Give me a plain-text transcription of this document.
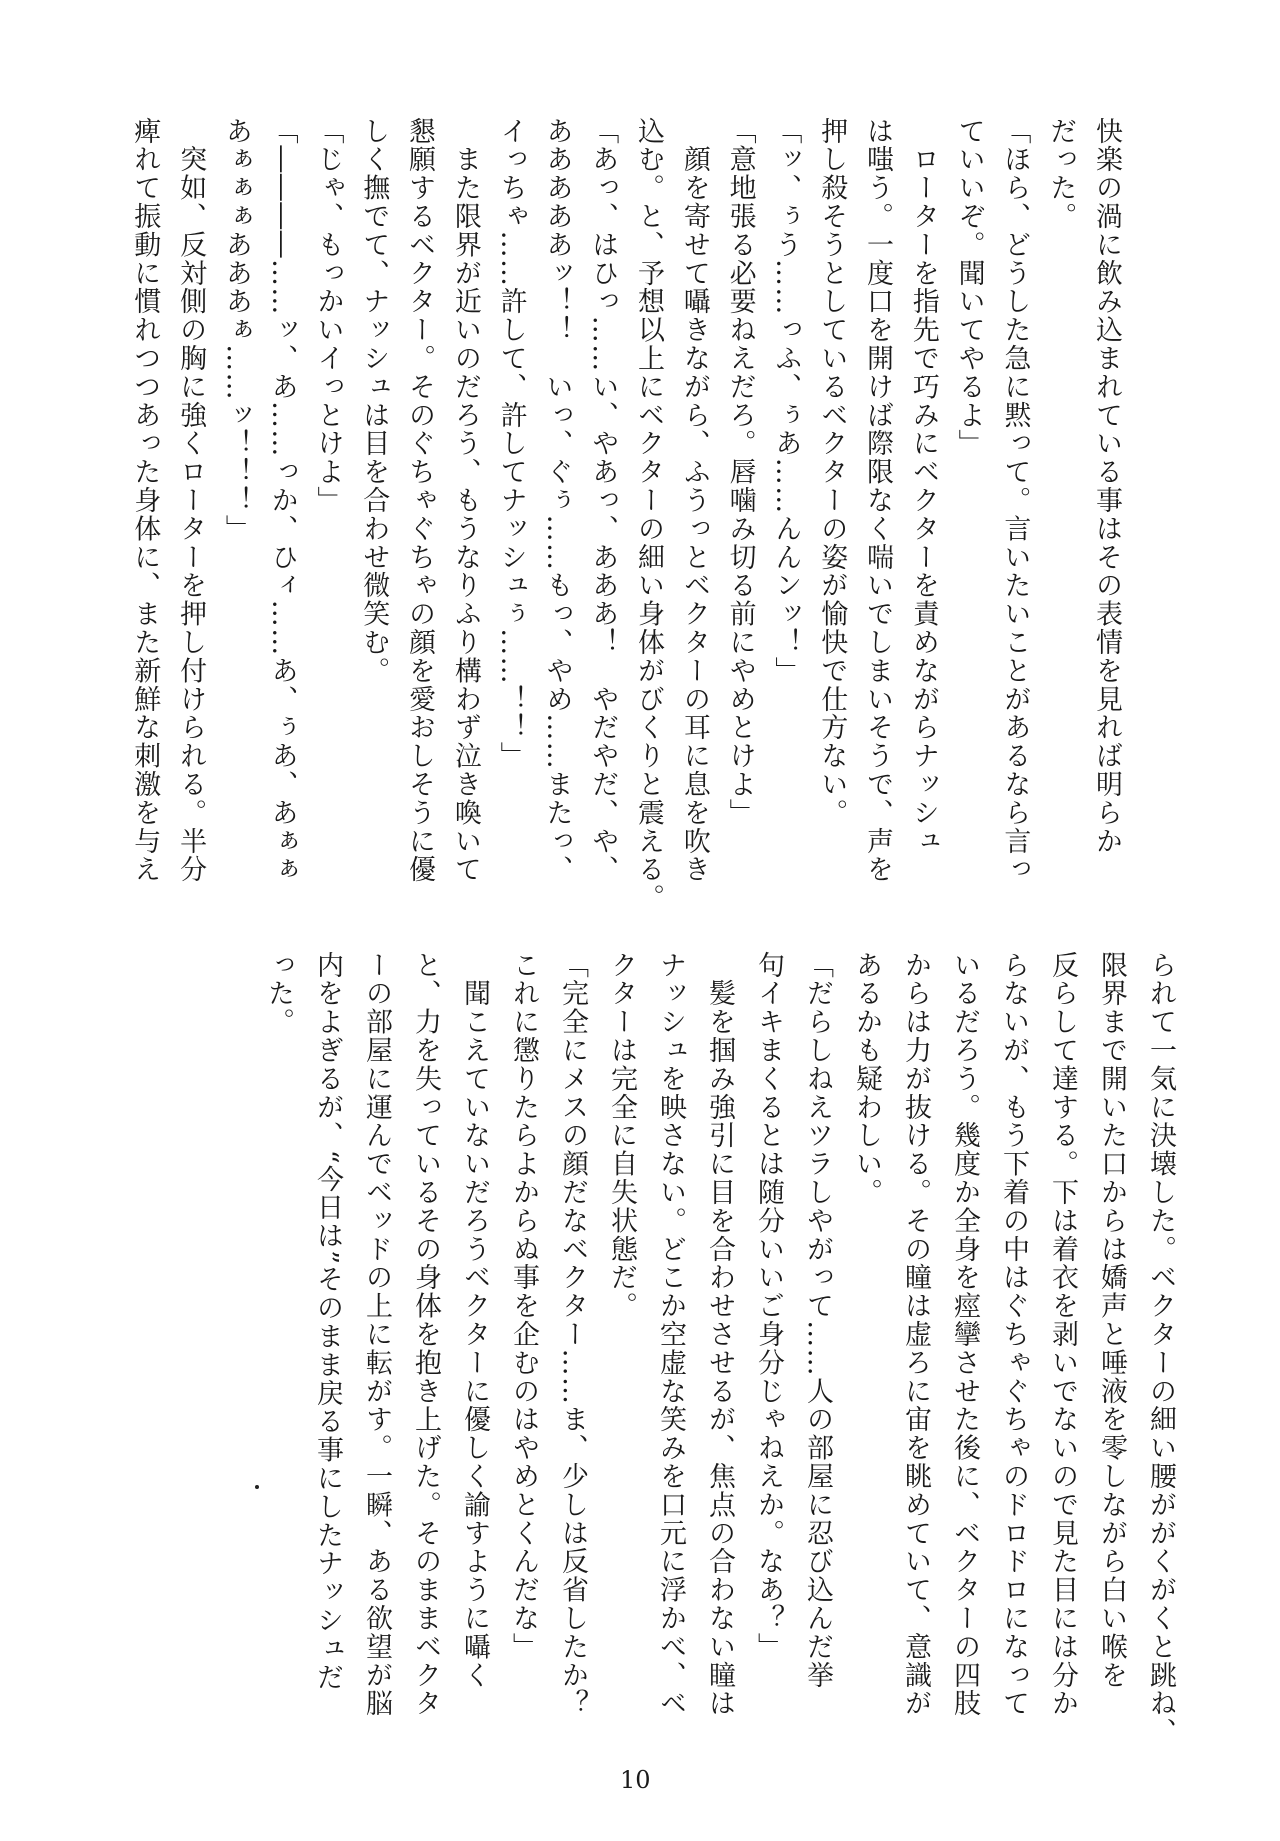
快楽の渦に飲み込まれている事はその表情を見れば明らか
だった。
「ほら、どうした急に黙って。言いたいことがあるなら言っ
ていいぞ。聞いてやるよ」
　ローターを指先で巧みにベクターを責めながらナッシュ
は嗤う。一度口を開けば際限なく喘いでしまいそうで、声を
押し殺そうとしているベクターの姿が愉快で仕方ない。
「ッ、ぅう……っふ、ぅあ……んんンッ！」
「意地張る必要ねえだろ。唇噛み切る前にやめとけよ」
　顔を寄せて囁きながら、ふうっとベクターの耳に息を吹き
込む。と、予想以上にベクターの細い身体がびくりと震える。
「あっ、はひっ……い、やあっ、あああ！　やだやだ、や、
あああああッ！！　いっ、ぐぅ……もっ、やめ……またっ、
イっちゃ……許して、許してナッシュぅ……！！」
　また限界が近いのだろう、もうなりふり構わず泣き喚いて
懇願するベクター。そのぐちゃぐちゃの顔を愛おしそうに優
しく撫でて、ナッシュは目を合わせ微笑む。
「じゃ、もっかいイっとけよ」
「――――……ッ、あ……っか、ひィ……あ、ぅあ、あぁぁ
あぁぁぁあああぁ……ッ！！！」
　突如、反対側の胸に強くローターを押し付けられる。半分
痺れて振動に慣れつつあった身体に、また新鮮な刺激を与え
られて一気に決壊した。ベクターの細い腰ががくがくと跳ね、
限界まで開いた口からは嬌声と唾液を零しながら白い喉を
反らして達する。下は着衣を剥いでないので見た目には分か
らないが、もう下着の中はぐちゃぐちゃのドロドロになって
いるだろう。幾度か全身を痙攣させた後に、ベクターの四肢
からは力が抜ける。その瞳は虚ろに宙を眺めていて、意識が
あるかも疑わしい。
「だらしねえツラしやがって……人の部屋に忍び込んだ挙
句イキまくるとは随分いいご身分じゃねえか。なあ？」
　髪を掴み強引に目を合わせさせるが、焦点の合わない瞳は
ナッシュを映さない。どこか空虚な笑みを口元に浮かべ、ベ
クターは完全に自失状態だ。
「完全にメスの顔だなベクター……ま、少しは反省したか？
これに懲りたらよからぬ事を企むのはやめとくんだな」
　聞こえていないだろうベクターに優しく諭すように囁く
と、力を失っているその身体を抱き上げた。そのままベクタ
ーの部屋に運んでベッドの上に転がす。一瞬、ある欲望が脳
内をよぎるが、“今日は”そのまま戻る事にしたナッシュだ
った。
10
